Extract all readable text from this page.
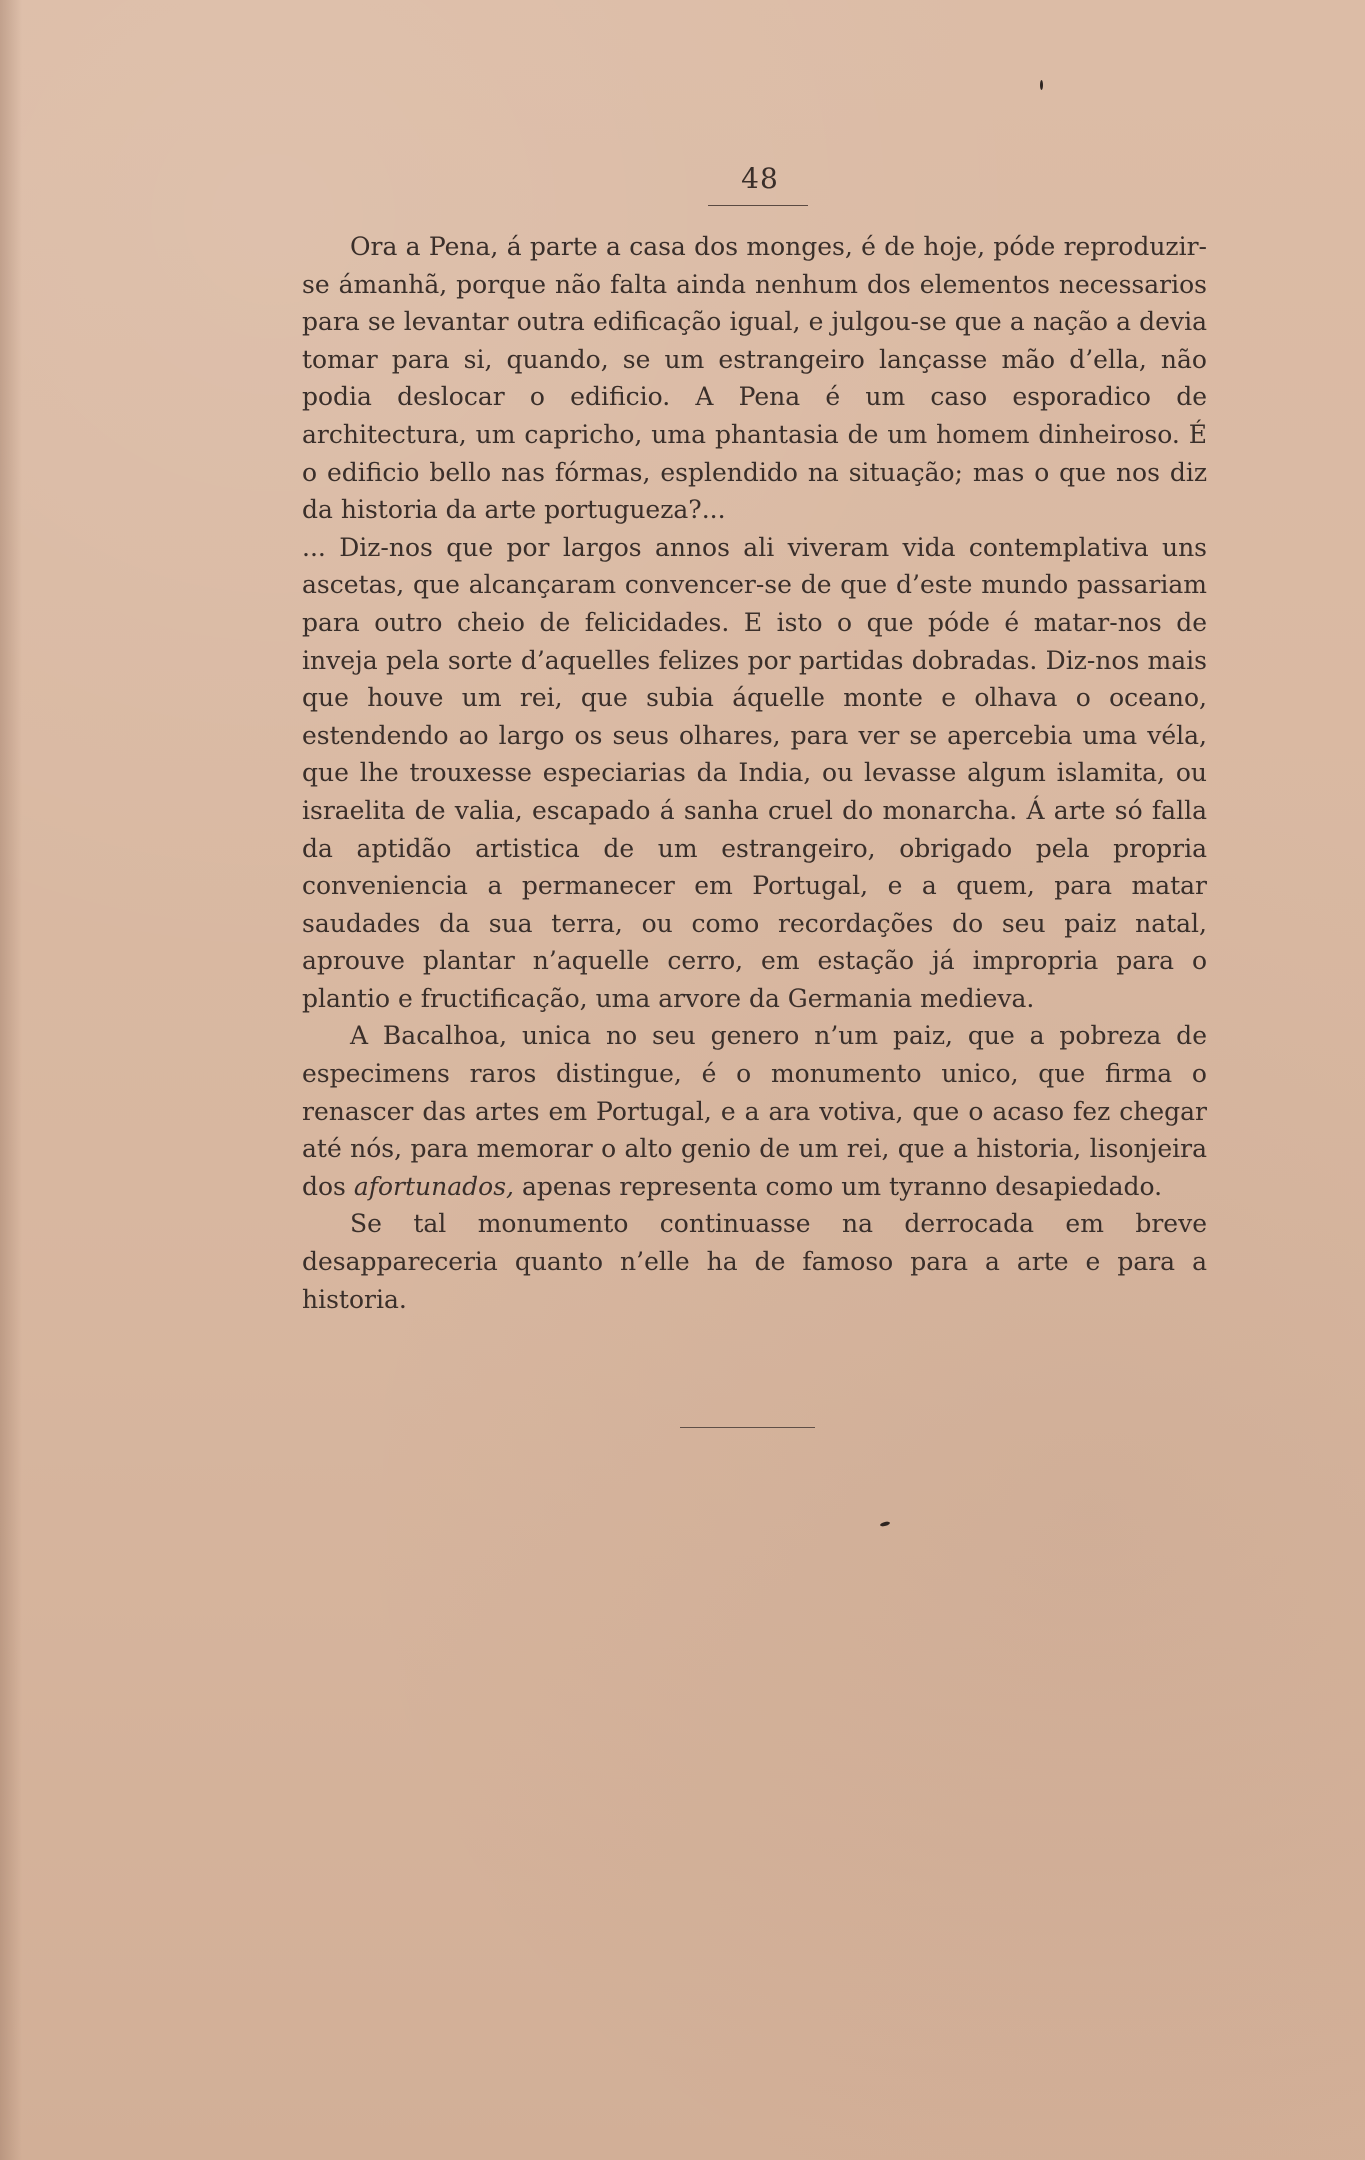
48

Ora a Pena, á parte a casa dos monges, é de hoje, póde reproduzir-se ámanhã, porque não falta ainda nenhum dos elementos necessarios para se levantar outra edificação igual, e julgou-se que a nação a devia tomar para si, quando, se um estrangeiro lançasse mão d’ella, não podia deslocar o edificio. A Pena é um caso esporadico de architectura, um capricho, uma phantasia de um homem dinheiroso. É o edificio bello nas fórmas, esplendido na situação; mas o que nos diz da historia da arte portugueza?...

... Diz-nos que por largos annos ali viveram vida contemplativa uns ascetas, que alcançaram convencer-se de que d’este mundo passariam para outro cheio de felicidades. E isto o que póde é matar-nos de inveja pela sorte d’aquelles felizes por partidas dobradas. Diz-nos mais que houve um rei, que subia áquelle monte e olhava o oceano, estendendo ao largo os seus olhares, para ver se apercebia uma véla, que lhe trouxesse especiarias da India, ou levasse algum islamita, ou israelita de valia, escapado á sanha cruel do monarcha. Á arte só falla da aptidão artistica de um estrangeiro, obrigado pela propria conveniencia a permanecer em Portugal, e a quem, para matar saudades da sua terra, ou como recordações do seu paiz natal, aprouve plantar n’aquelle cerro, em estação já impropria para o plantio e fructificação, uma arvore da Germania medieva.

A Bacalhoa, unica no seu genero n’um paiz, que a pobreza de especimens raros distingue, é o monumento unico, que firma o renascer das artes em Portugal, e a ara votiva, que o acaso fez chegar até nós, para memorar o alto genio de um rei, que a historia, lisonjeira dos afortunados, apenas representa como um tyranno desapiedado.

Se tal monumento continuasse na derrocada em breve desappareceria quanto n’elle ha de famoso para a arte e para a historia.
